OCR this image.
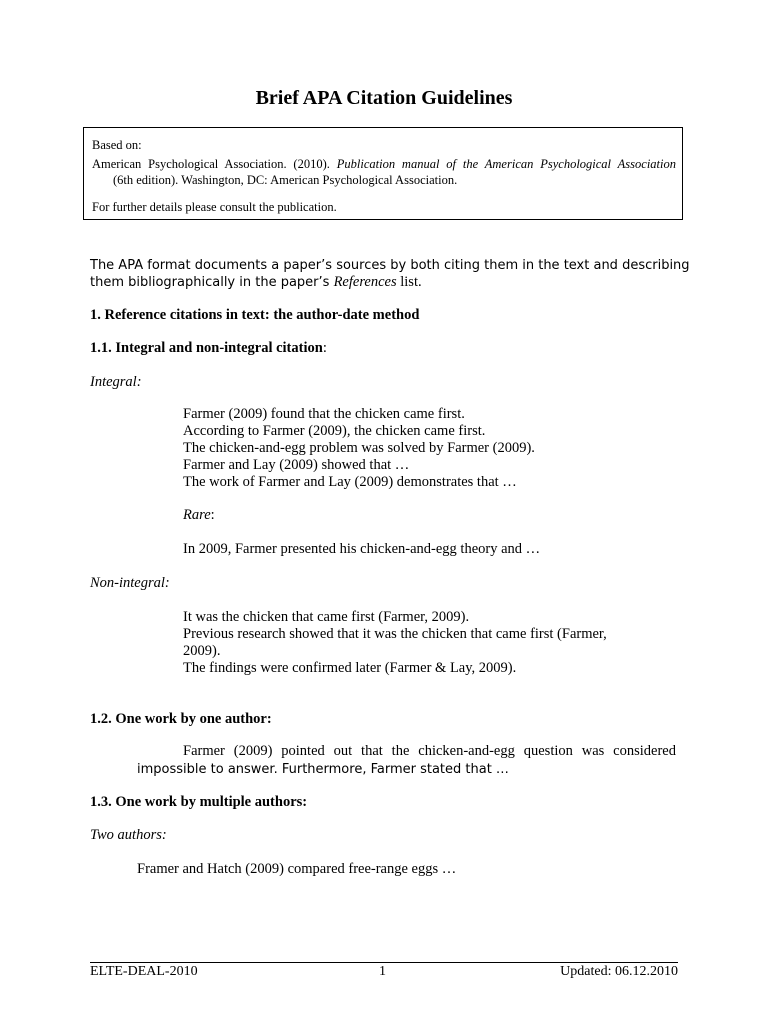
Brief APA Citation Guidelines
Based on:
American Psychological Association. (2010). Publication manual of the American Psychological Association
(6th edition). Washington, DC: American Psychological Association.
For further details please consult the publication.
The APA format documents a paper’s sources by both citing them in the text and describing
them bibliographically in the paper’s References list.
1. Reference citations in text: the author-date method
1.1. Integral and non-integral citation:
Integral:
Farmer (2009) found that the chicken came first.
According to Farmer (2009), the chicken came first.
The chicken-and-egg problem was solved by Farmer (2009).
Farmer and Lay (2009) showed that …
The work of Farmer and Lay (2009) demonstrates that …
Rare:
In 2009, Farmer presented his chicken-and-egg theory and …
Non-integral:
It was the chicken that came first (Farmer, 2009).
Previous research showed that it was the chicken that came first (Farmer,
2009).
The findings were confirmed later (Farmer & Lay, 2009).
1.2. One work by one author:
Farmer (2009) pointed out that the chicken-and-egg question was considered
impossible to answer. Furthermore, Farmer stated that …
1.3. One work by multiple authors:
Two authors:
Framer and Hatch (2009) compared free-range eggs …
ELTE-DEAL-2010	1	Updated: 06.12.2010
